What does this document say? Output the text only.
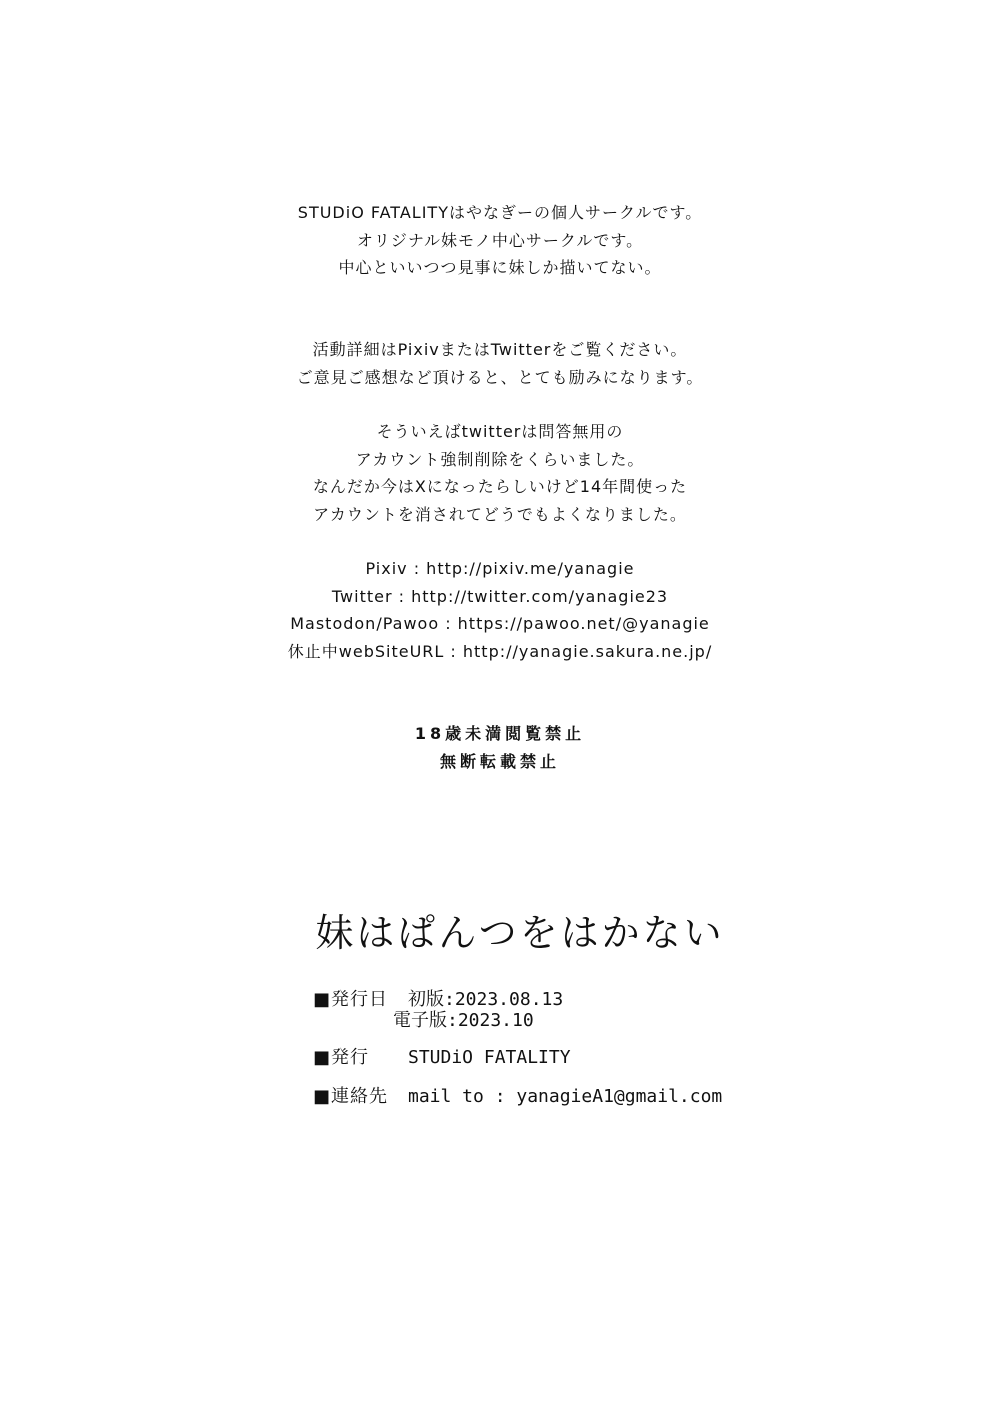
STUDiO FATALITYはやなぎーの個人サークルです。
オリジナル妹モノ中心サークルです。
中心といいつつ見事に妹しか描いてない。
活動詳細はPixivまたはTwitterをご覧ください。
ご意見ご感想など頂けると、とても励みになります。
そういえばtwitterは問答無用の
アカウント強制削除をくらいました。
なんだか今はXになったらしいけど14年間使った
アカウントを消されてどうでもよくなりました。
Pixiv : http://pixiv.me/yanagie
Twitter : http://twitter.com/yanagie23
Mastodon/Pawoo : https://pawoo.net/@yanagie
休止中webSiteURL : http://yanagie.sakura.ne.jp/
18歳未満閲覧禁止
無断転載禁止
妹はぱんつをはかない
■発行日 初版:2023.08.13
電子版:2023.10
■発行 STUDiO FATALITY
■連絡先 mail to : yanagieA1@gmail.com
